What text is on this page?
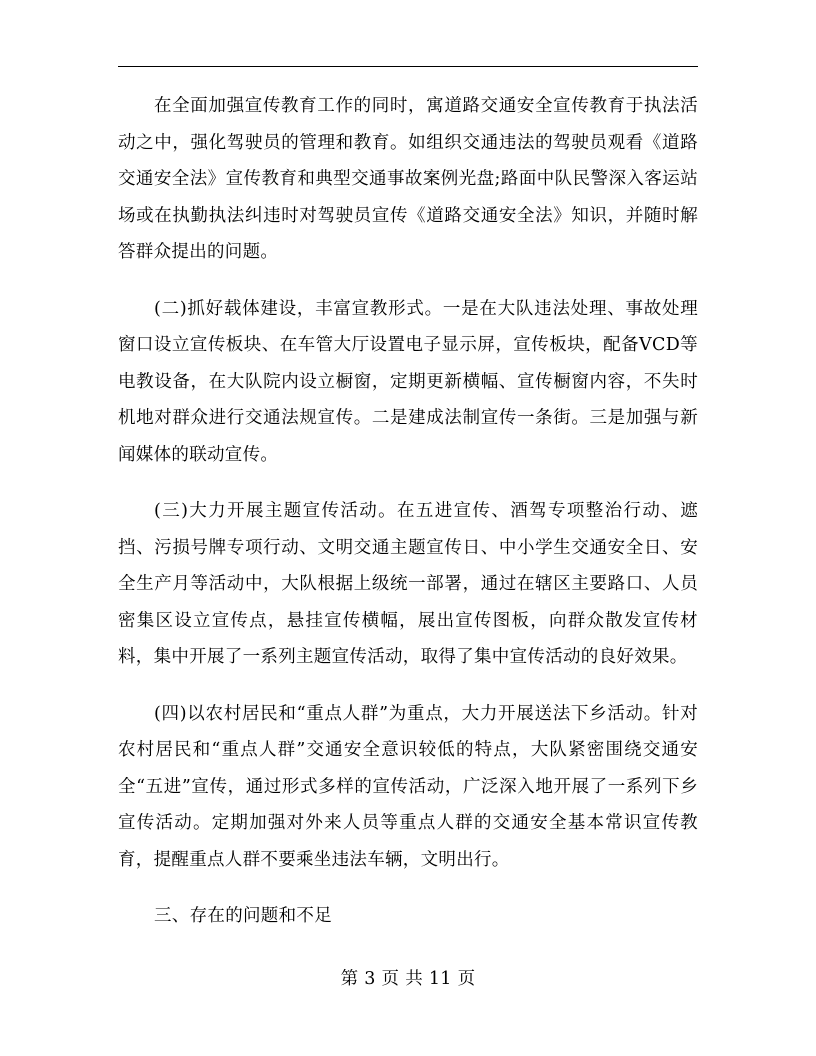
在全面加强宣传教育工作的同时，寓道路交通安全宣传教育于执法活动之中，强化驾驶员的管理和教育。如组织交通违法的驾驶员观看《道路交通安全法》宣传教育和典型交通事故案例光盘;路面中队民警深入客运站场或在执勤执法纠违时对驾驶员宣传《道路交通安全法》知识，并随时解答群众提出的问题。

(二)抓好载体建设，丰富宣教形式。一是在大队违法处理、事故处理窗口设立宣传板块、在车管大厅设置电子显示屏，宣传板块，配备VCD等电教设备，在大队院内设立橱窗，定期更新横幅、宣传橱窗内容，不失时机地对群众进行交通法规宣传。二是建成法制宣传一条街。三是加强与新闻媒体的联动宣传。

(三)大力开展主题宣传活动。在五进宣传、酒驾专项整治行动、遮挡、污损号牌专项行动、文明交通主题宣传日、中小学生交通安全日、安全生产月等活动中，大队根据上级统一部署，通过在辖区主要路口、人员密集区设立宣传点，悬挂宣传横幅，展出宣传图板，向群众散发宣传材料，集中开展了一系列主题宣传活动，取得了集中宣传活动的良好效果。

(四)以农村居民和“重点人群”为重点，大力开展送法下乡活动。针对农村居民和“重点人群”交通安全意识较低的特点，大队紧密围绕交通安全“五进”宣传，通过形式多样的宣传活动，广泛深入地开展了一系列下乡宣传活动。定期加强对外来人员等重点人群的交通安全基本常识宣传教育，提醒重点人群不要乘坐违法车辆，文明出行。

三、存在的问题和不足

第 3 页 共 11 页
